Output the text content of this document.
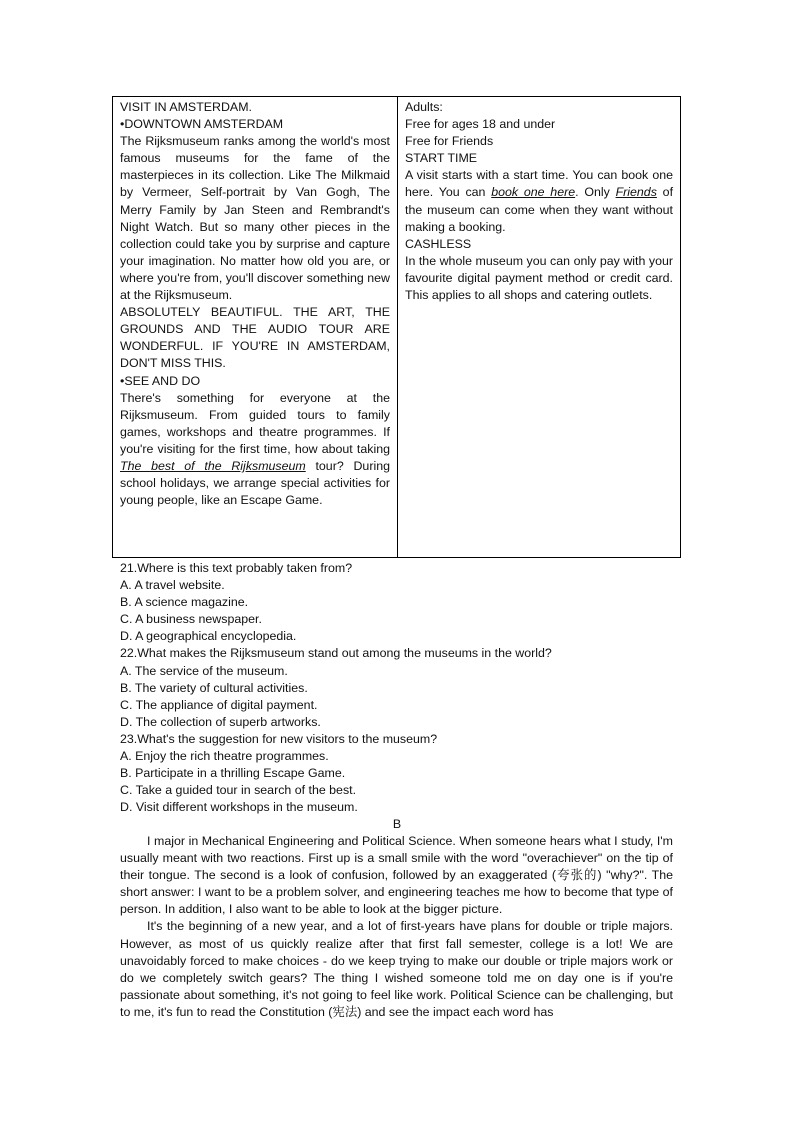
VISIT IN AMSTERDAM.

•DOWNTOWN AMSTERDAM

The Rijksmuseum ranks among the world's most famous museums for the fame of the masterpieces in its collection. Like The Milkmaid by Vermeer, Self-portrait by Van Gogh, The Merry Family by Jan Steen and Rembrandt's Night Watch. But so many other pieces in the collection could take you by surprise and capture your imagination. No matter how old you are, or where you're from, you'll discover something new at the Rijksmuseum.

ABSOLUTELY BEAUTIFUL. THE ART, THE GROUNDS AND THE AUDIO TOUR ARE WONDERFUL. IF YOU'RE IN AMSTERDAM, DON'T MISS THIS.

•SEE AND DO

There's something for everyone at the Rijksmuseum. From guided tours to family games, workshops and theatre programmes. If you're visiting for the first time, how about taking The best of the Rijksmuseum tour? During school holidays, we arrange special activities for young people, like an Escape Game.

Adults:

Free for ages 18 and under

Free for Friends

START TIME

A visit starts with a start time. You can book one here. You can book one here. Only Friends of the museum can come when they want without making a booking.

CASHLESS

In the whole museum you can only pay with your favourite digital payment method or credit card. This applies to all shops and catering outlets.

21.Where is this text probably taken from?

A. A travel website.

B. A science magazine.

C. A business newspaper.

D. A geographical encyclopedia.

22.What makes the Rijksmuseum stand out among the museums in the world?

A. The service of the museum.

B. The variety of cultural activities.

C. The appliance of digital payment.

D. The collection of superb artworks.

23.What's the suggestion for new visitors to the museum?

A. Enjoy the rich theatre programmes.

B. Participate in a thrilling Escape Game.

C. Take a guided tour in search of the best.

D. Visit different workshops in the museum.

B

I major in Mechanical Engineering and Political Science. When someone hears what I study, I'm usually meant with two reactions. First up is a small smile with the word "overachiever" on the tip of their tongue. The second is a look of confusion, followed by an exaggerated (夸张的) "why?". The short answer: I want to be a problem solver, and engineering teaches me how to become that type of person. In addition, I also want to be able to look at the bigger picture.

It's the beginning of a new year, and a lot of first-years have plans for double or triple majors. However, as most of us quickly realize after that first fall semester, college is a lot! We are unavoidably forced to make choices - do we keep trying to make our double or triple majors work or do we completely switch gears? The thing I wished someone told me on day one is if you're passionate about something, it's not going to feel like work. Political Science can be challenging, but to me, it's fun to read the Constitution (宪法) and see the impact each word has
